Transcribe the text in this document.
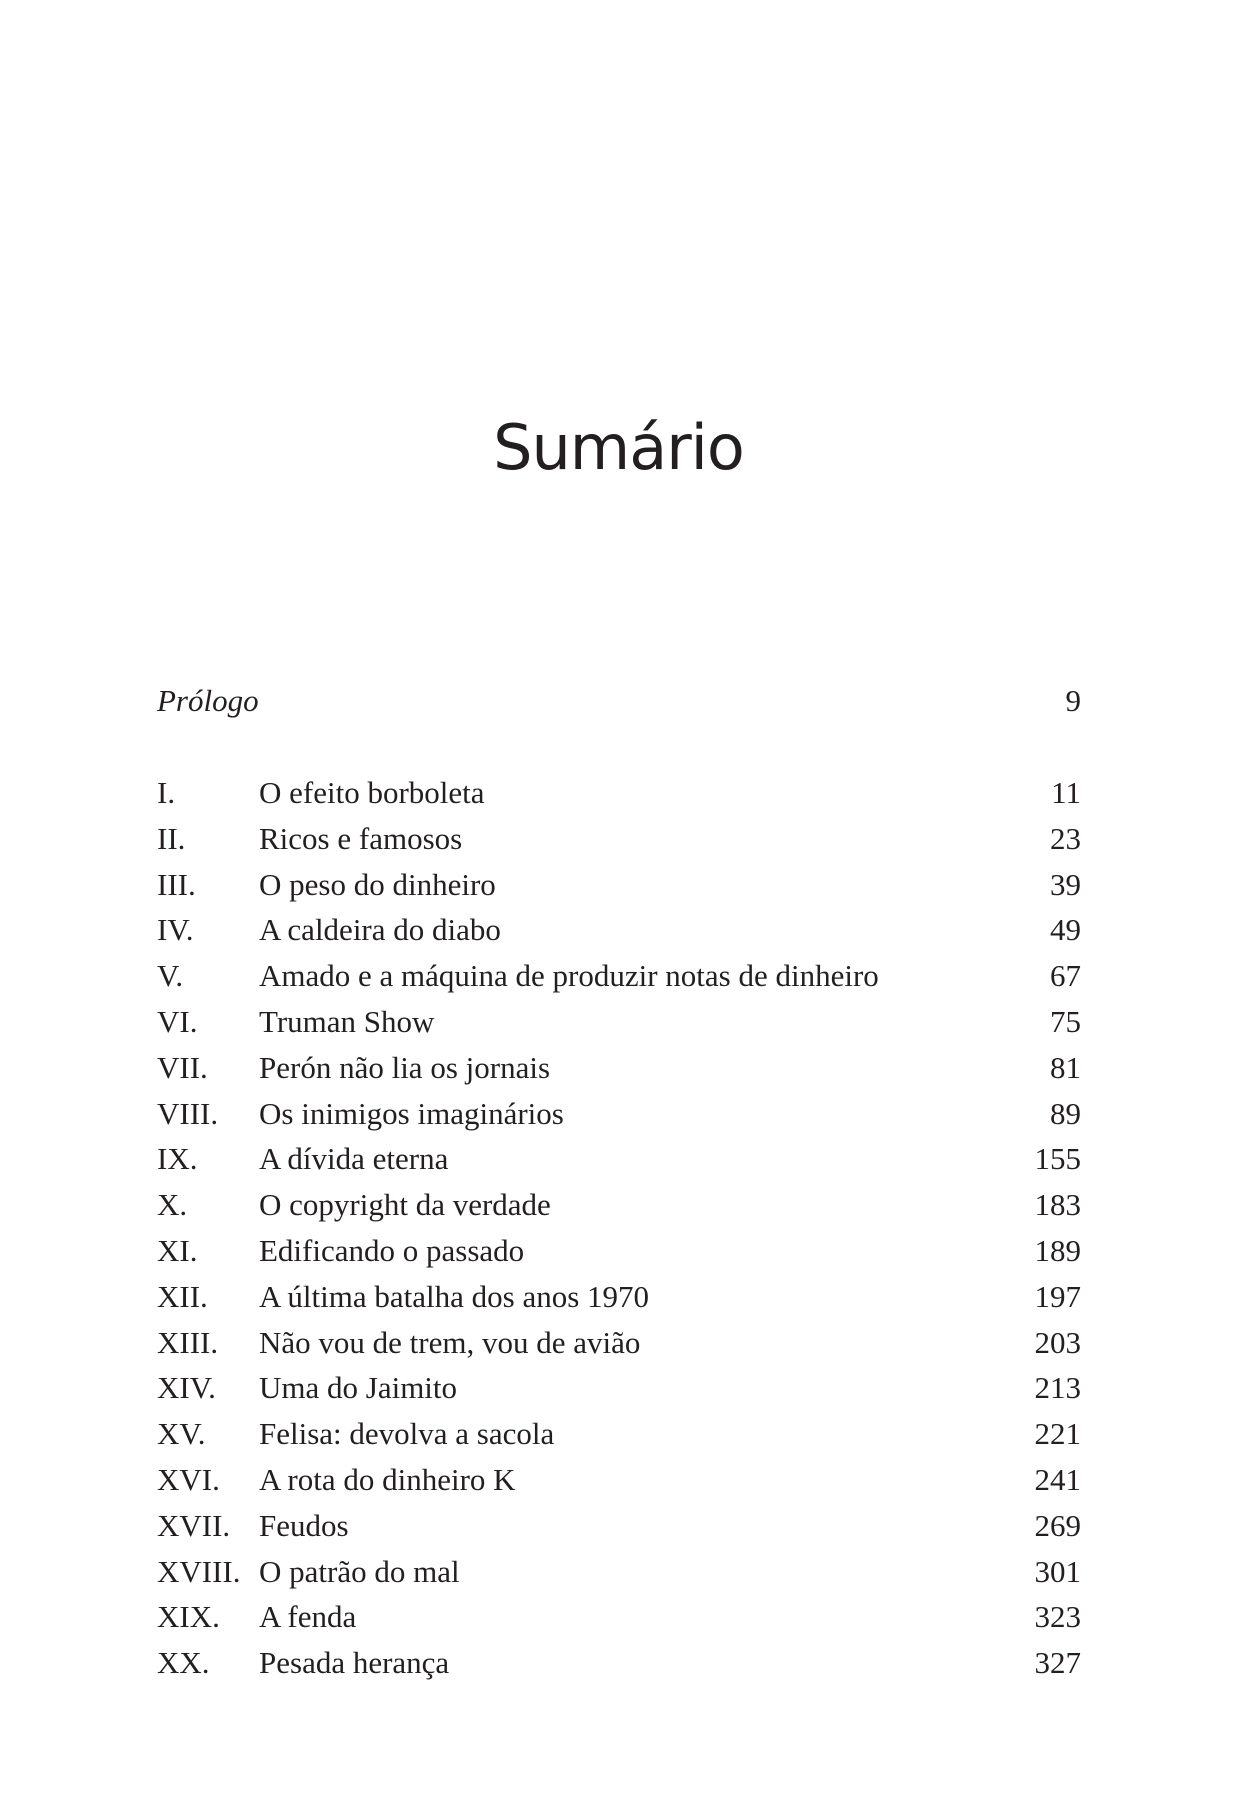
Sumário
Prólogo	9
I.	O efeito borboleta	11
II. Ricos e famosos	23
III. O peso do dinheiro	39
IV. A caldeira do diabo	49
V. Amado e a máquina de produzir notas de dinheiro	67
VI. Truman Show	75
VII. Perón não lia os jornais	81
VIII. Os inimigos imaginários	89
IX. A dívida eterna	155
X. O copyright da verdade	183
XI. Edificando o passado	189
XII. A última batalha dos anos 1970	197
XIII. Não vou de trem, vou de avião	203
XIV. Uma do Jaimito	213
XV. Felisa: devolva a sacola	221
XVI. A rota do dinheiro K	241
XVII. Feudos	269
XVIII. O patrão do mal	301
XIX. A fenda	323
XX. Pesada herança	327
